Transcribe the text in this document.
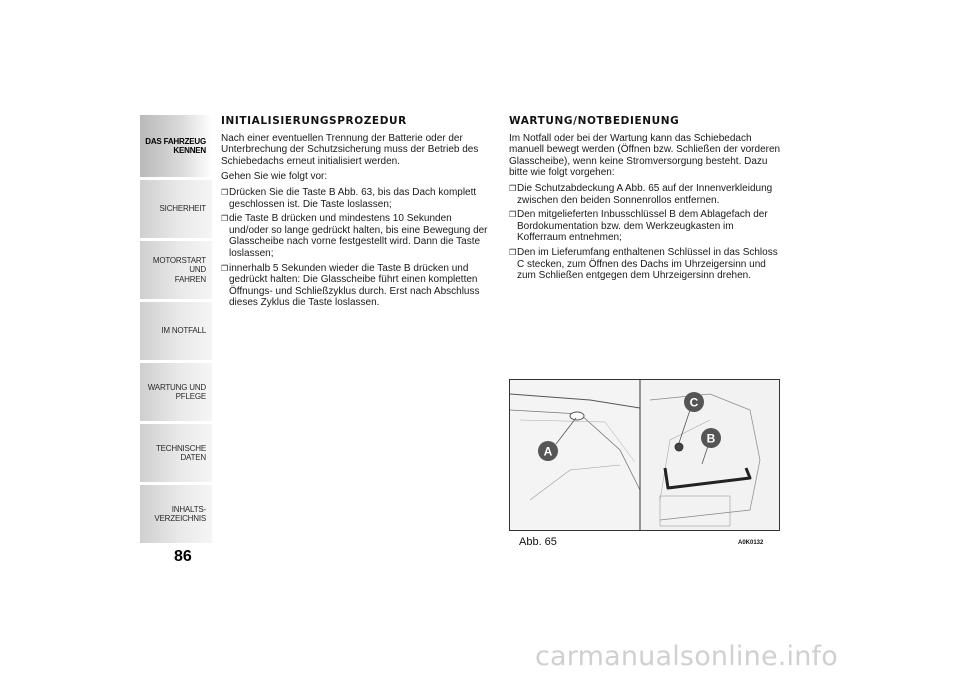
DAS FAHRZEUG
KENNEN
SICHERHEIT
MOTORSTART UND
FAHREN
IM NOTFALL
WARTUNG UND
PFLEGE
TECHNISCHE DATEN
INHALTS-
VERZEICHNIS
86
INITIALISIERUNGSPROZEDUR

Nach einer eventuellen Trennung der Batterie oder der Unterbrechung der Schutzsicherung muss der Betrieb des Schiebedachs erneut initialisiert werden.

Gehen Sie wie folgt vor:

❒ Drücken Sie die Taste B Abb. 63, bis das Dach komplett geschlossen ist. Die Taste loslassen;
❒ die Taste B drücken und mindestens 10 Sekunden und/oder so lange gedrückt halten, bis eine Bewegung der Glasscheibe nach vorne festgestellt wird. Dann die Taste loslassen;
❒ innerhalb 5 Sekunden wieder die Taste B drücken und gedrückt halten: Die Glasscheibe führt einen kompletten Öffnungs- und Schließzyklus durch. Erst nach Abschluss dieses Zyklus die Taste loslassen.
WARTUNG/NOTBEDIENUNG

Im Notfall oder bei der Wartung kann das Schiebedach manuell bewegt werden (Öffnen bzw. Schließen der vorderen Glasscheibe), wenn keine Stromversorgung besteht. Dazu bitte wie folgt vorgehen:

❒ Die Schutzabdeckung A Abb. 65 auf der Innenverkleidung zwischen den beiden Sonnenrollos entfernen.
❒ Den mitgelieferten Inbusschlüssel B dem Ablagefach der Bordokumentation bzw. dem Werkzeugkasten im Kofferraum entnehmen;
❒ Den im Lieferumfang enthaltenen Schlüssel in das Schloss C stecken, zum Öffnen des Dachs im Uhrzeigersinn und zum Schließen entgegen dem Uhrzeigersinn drehen.
A
C
B
Abb. 65	A0K0132
carmanualsonline.info
